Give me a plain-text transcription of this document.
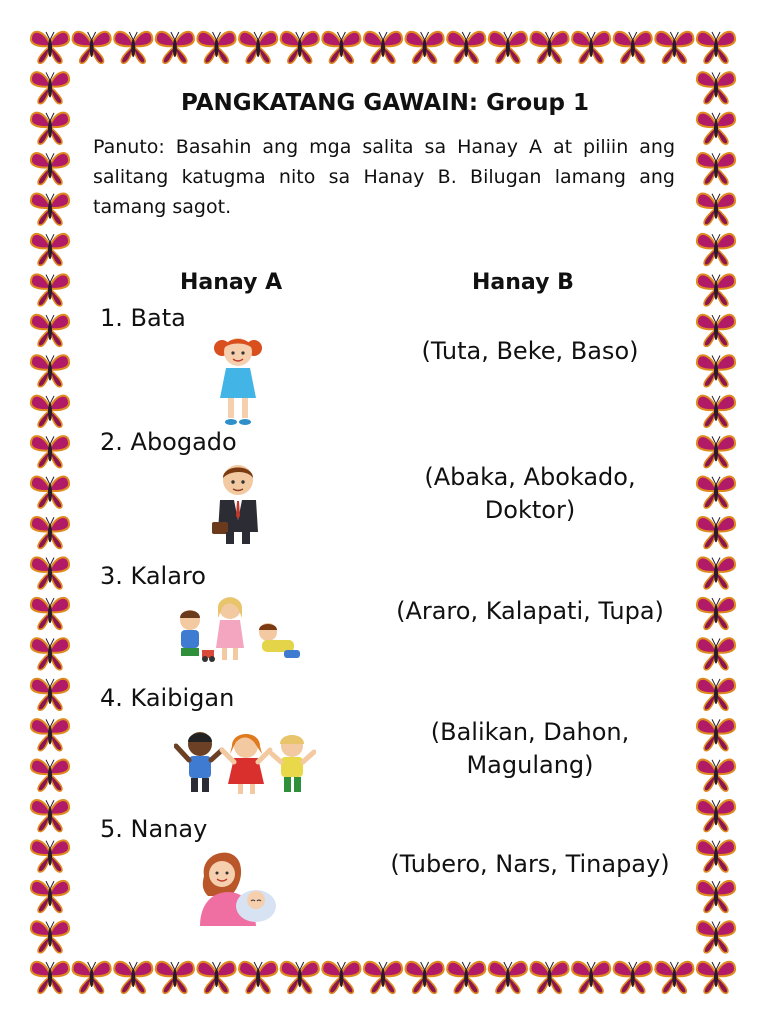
PANGKATANG GAWAIN: Group 1
Panuto: Basahin ang mga salita sa Hanay A at piliin ang salitang katugma nito sa Hanay B. Bilugan lamang ang tamang sagot.
Hanay A	Hanay B
1. Bata
(Tuta, Beke, Baso)
2. Abogado
(Abaka, Abokado, Doktor)
3. Kalaro
(Araro, Kalapati, Tupa)
4. Kaibigan
(Balikan, Dahon, Magulang)
5. Nanay
(Tubero, Nars, Tinapay)
